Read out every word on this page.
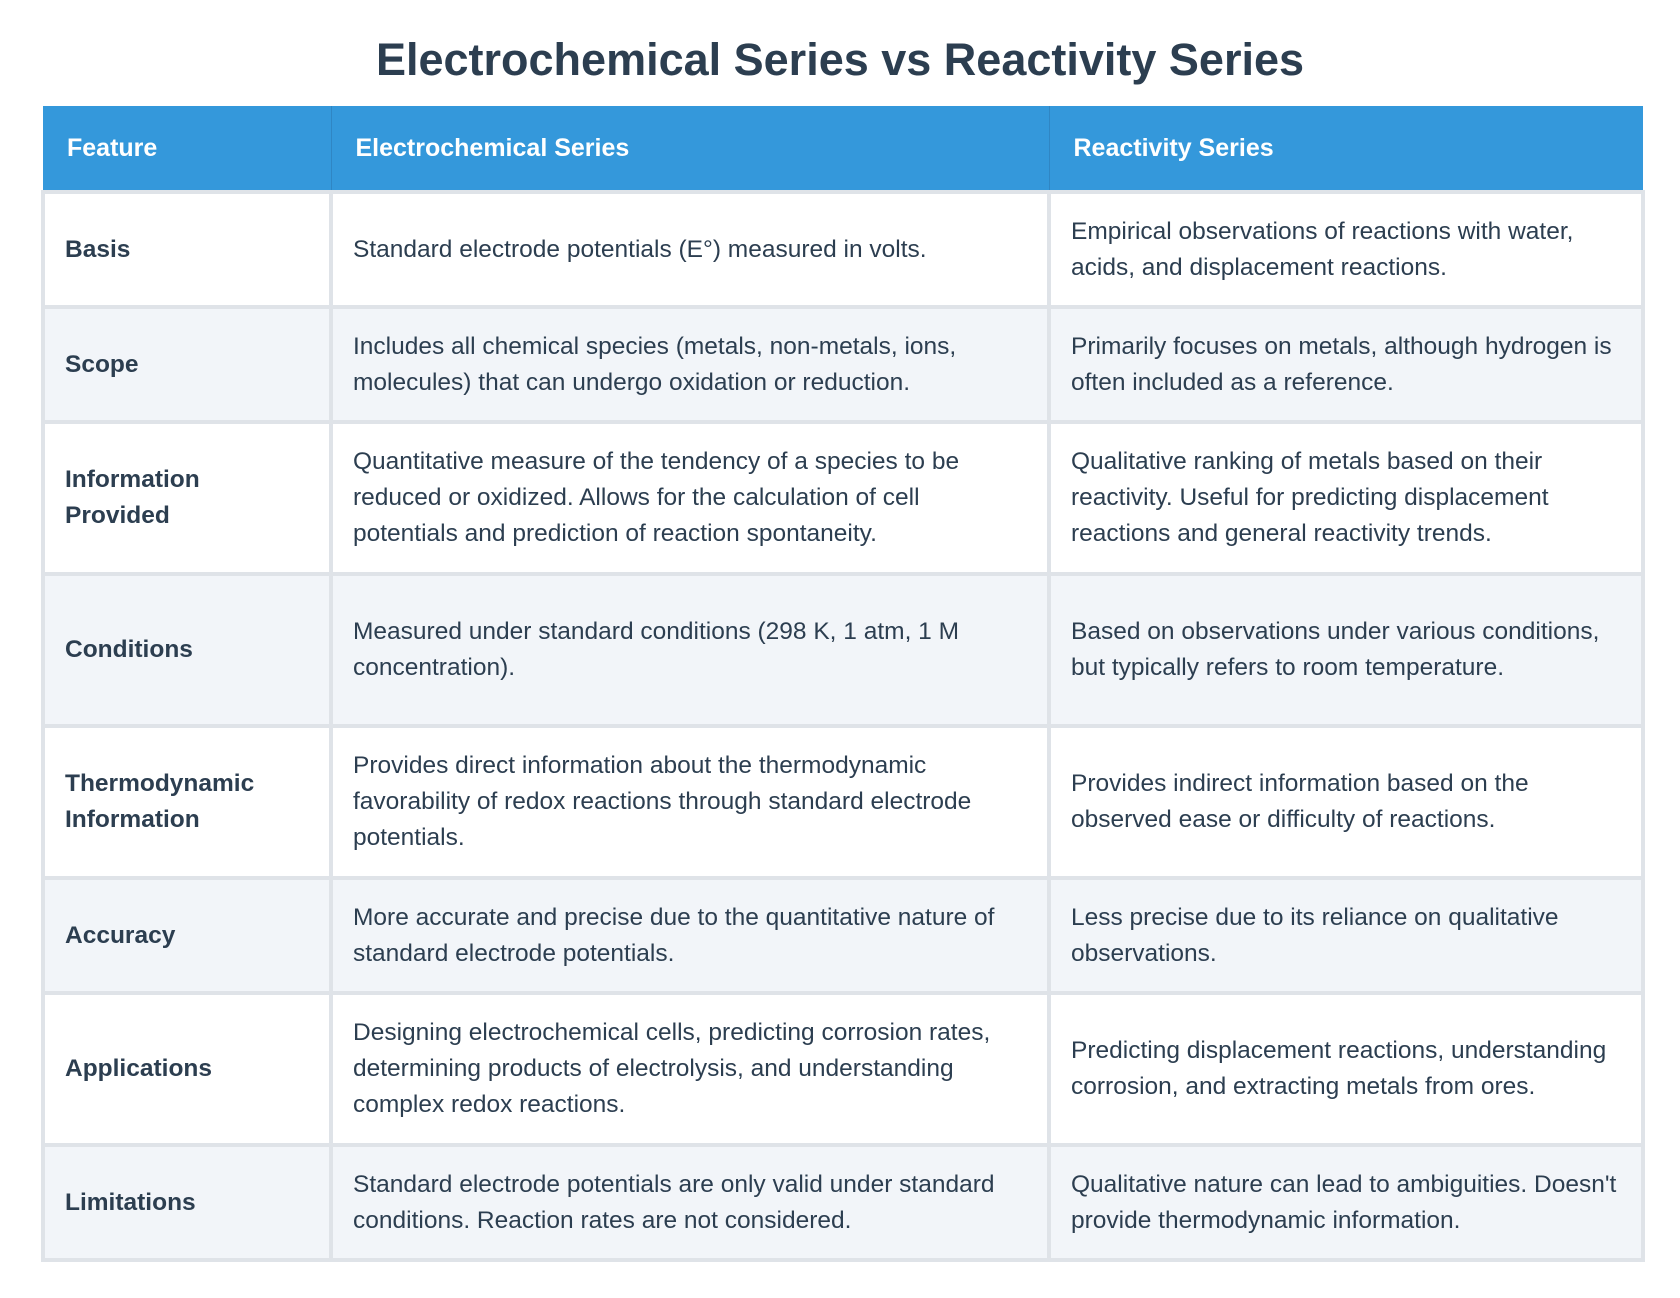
Electrochemical Series vs Reactivity Series
Feature	Electrochemical Series	Reactivity Series
Basis	Standard electrode potentials (E°) measured in volts.	Empirical observations of reactions with water, acids, and displacement reactions.
Scope	Includes all chemical species (metals, non-metals, ions, molecules) that can undergo oxidation or reduction.	Primarily focuses on metals, although hydrogen is often included as a reference.
Information Provided	Quantitative measure of the tendency of a species to be reduced or oxidized. Allows for the calculation of cell potentials and prediction of reaction spontaneity.	Qualitative ranking of metals based on their reactivity. Useful for predicting displacement reactions and general reactivity trends.
Conditions	Measured under standard conditions (298 K, 1 atm, 1 M concentration).	Based on observations under various conditions, but typically refers to room temperature.
Thermodynamic Information	Provides direct information about the thermodynamic favorability of redox reactions through standard electrode potentials.	Provides indirect information based on the observed ease or difficulty of reactions.
Accuracy	More accurate and precise due to the quantitative nature of standard electrode potentials.	Less precise due to its reliance on qualitative observations.
Applications	Designing electrochemical cells, predicting corrosion rates, determining products of electrolysis, and understanding complex redox reactions.	Predicting displacement reactions, understanding corrosion, and extracting metals from ores.
Limitations	Standard electrode potentials are only valid under standard conditions. Reaction rates are not considered.	Qualitative nature can lead to ambiguities. Doesn't provide thermodynamic information.
